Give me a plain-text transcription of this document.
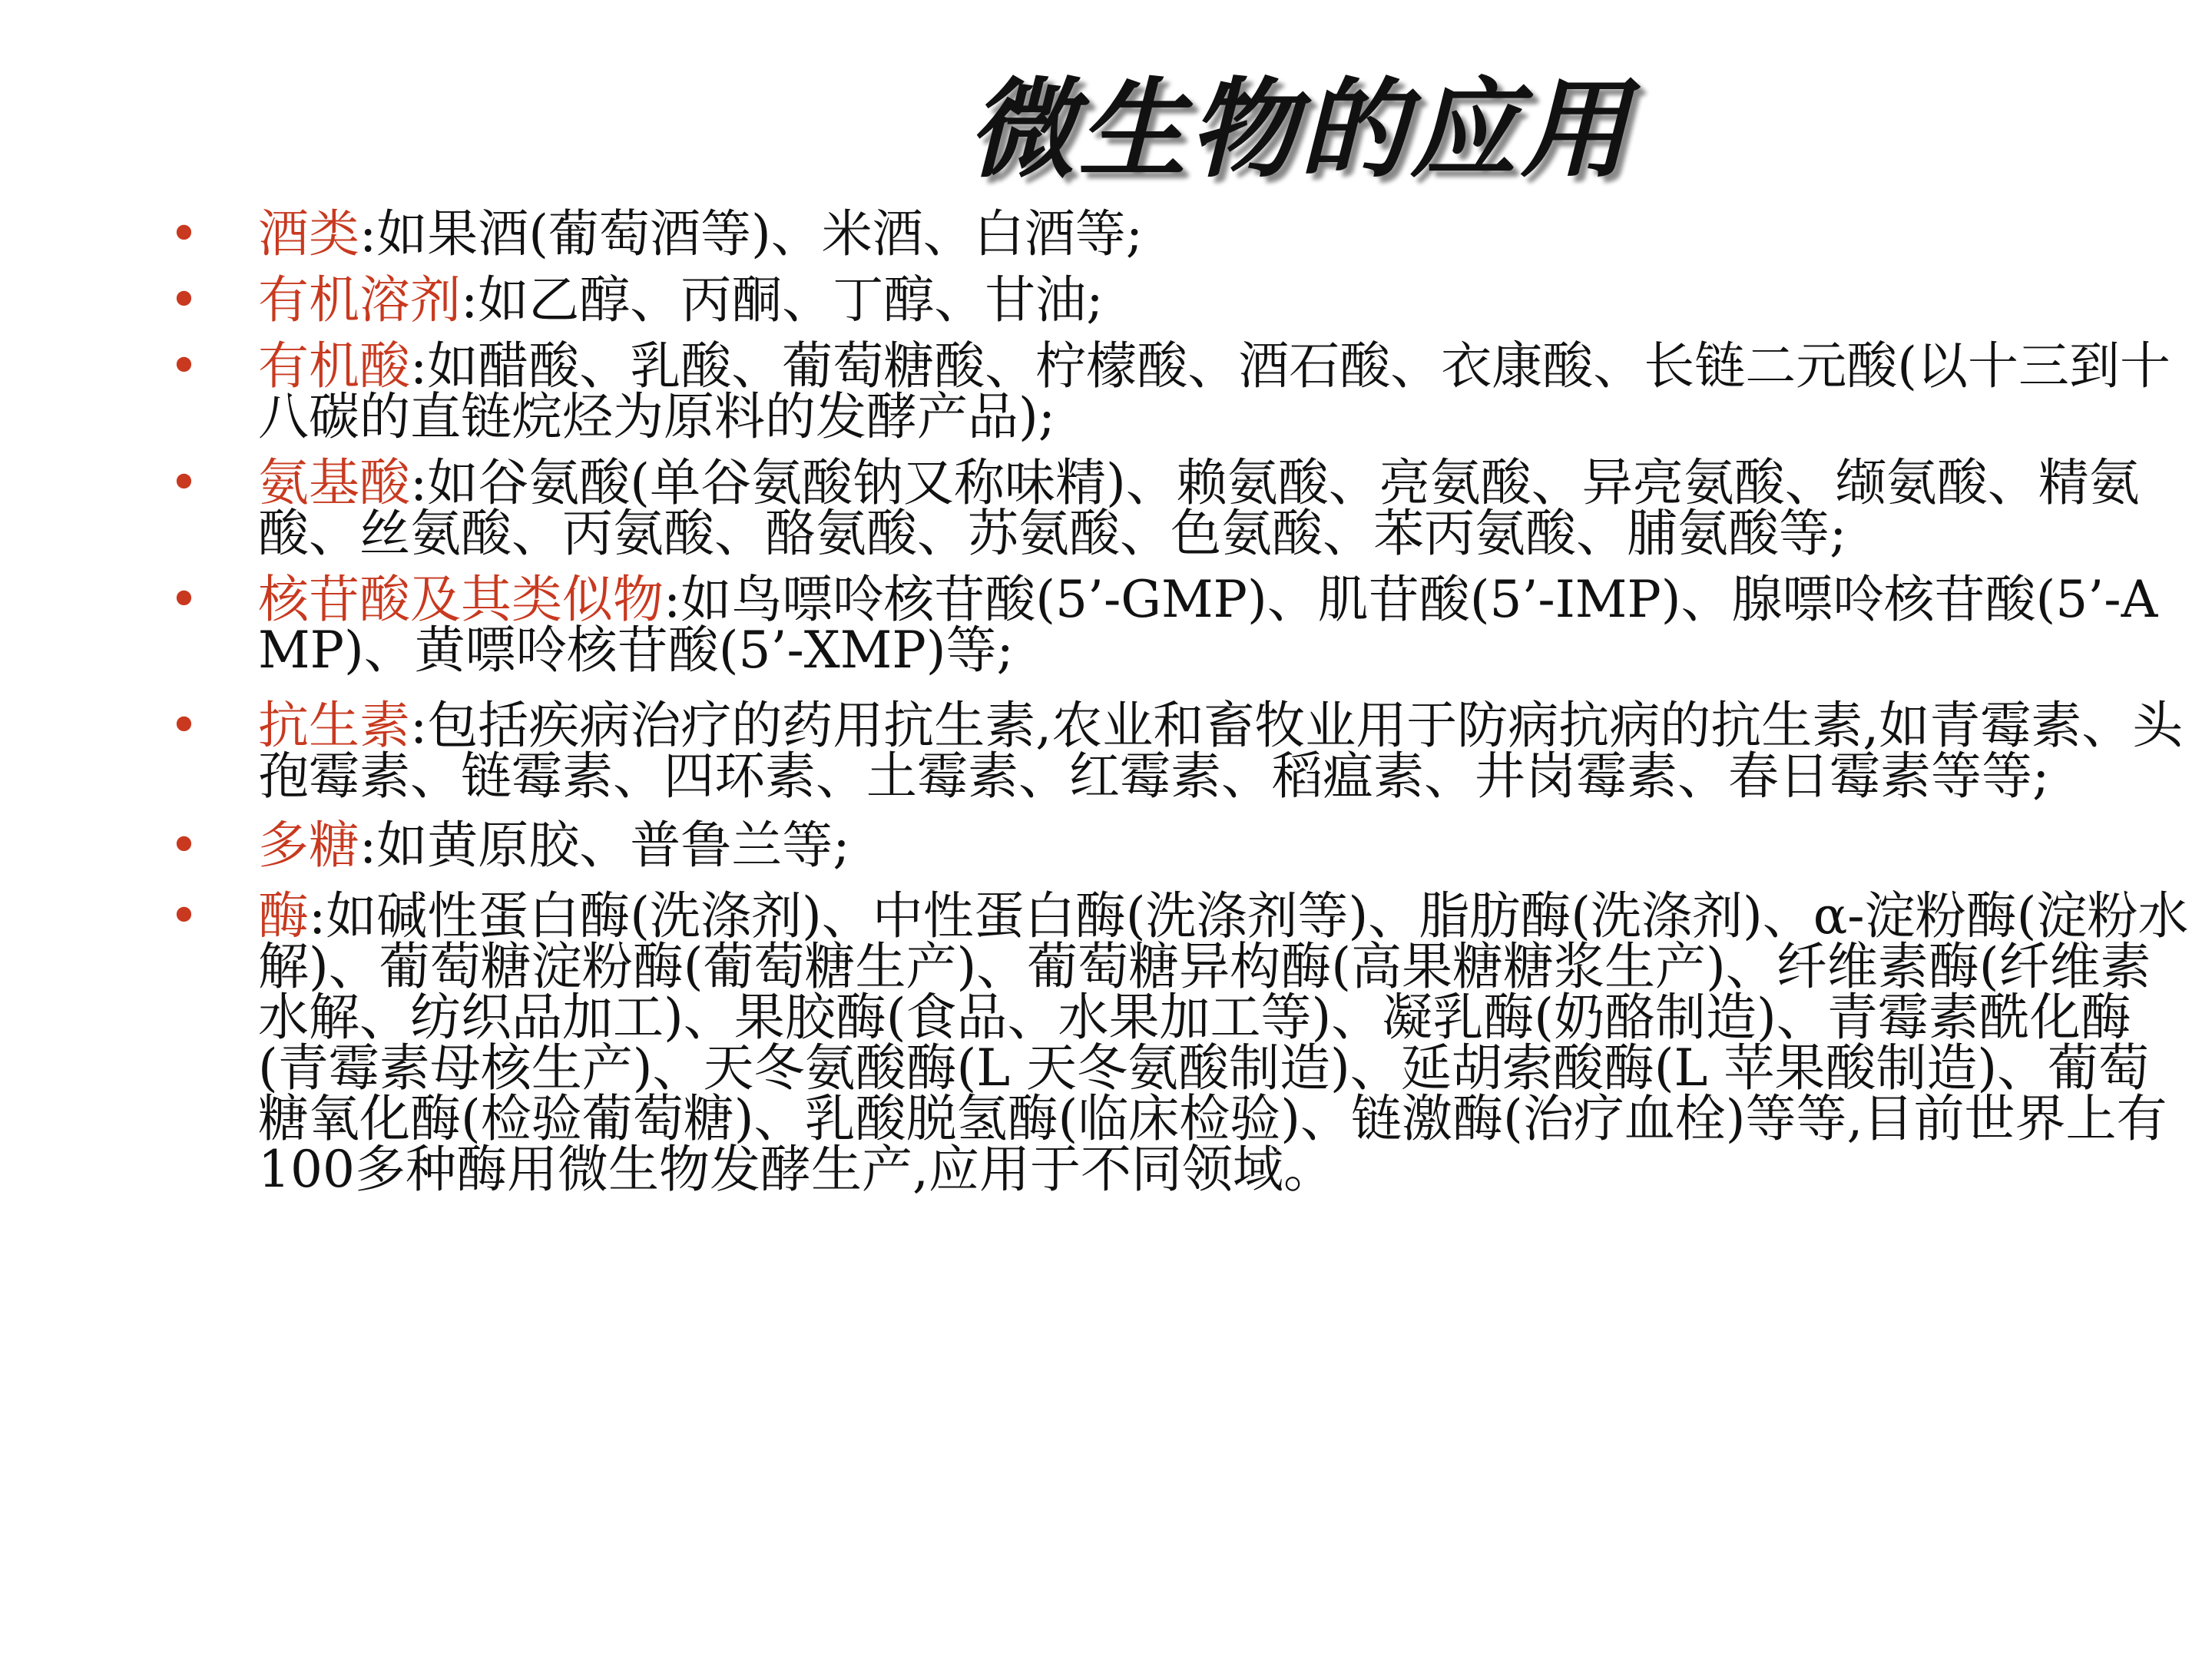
微生物的应用
• 酒类:如果酒(葡萄酒等)、米酒、白酒等;
• 有机溶剂:如乙醇、丙酮、丁醇、甘油;
• 有机酸:如醋酸、乳酸、葡萄糖酸、柠檬酸、酒石酸、衣康酸、长链二元酸(以十三到十八碳的直链烷烃为原料的发酵产品);
• 氨基酸:如谷氨酸(单谷氨酸钠又称味精)、赖氨酸、亮氨酸、异亮氨酸、缬氨酸、精氨酸、丝氨酸、丙氨酸、酪氨酸、苏氨酸、色氨酸、苯丙氨酸、脯氨酸等;
• 核苷酸及其类似物:如鸟嘌呤核苷酸(5’-GMP)、肌苷酸(5’-IMP)、腺嘌呤核苷酸(5’-AMP)、黄嘌呤核苷酸(5’-XMP)等;
• 抗生素:包括疾病治疗的药用抗生素,农业和畜牧业用于防病抗病的抗生素,如青霉素、头孢霉素、链霉素、四环素、土霉素、红霉素、稻瘟素、井岗霉素、春日霉素等等;
• 多糖:如黄原胶、普鲁兰等;
• 酶:如碱性蛋白酶(洗涤剂)、中性蛋白酶(洗涤剂等)、脂肪酶(洗涤剂)、α-淀粉酶(淀粉水解)、葡萄糖淀粉酶(葡萄糖生产)、葡萄糖异构酶(高果糖糖浆生产)、纤维素酶(纤维素水解、纺织品加工)、果胶酶(食品、水果加工等)、凝乳酶(奶酪制造)、青霉素酰化酶(青霉素母核生产)、天冬氨酸酶(L 天冬氨酸制造)、延胡索酸酶(L 苹果酸制造)、葡萄糖氧化酶(检验葡萄糖)、乳酸脱氢酶(临床检验)、链激酶(治疗血栓)等等,目前世界上有100多种酶用微生物发酵生产,应用于不同领域。
